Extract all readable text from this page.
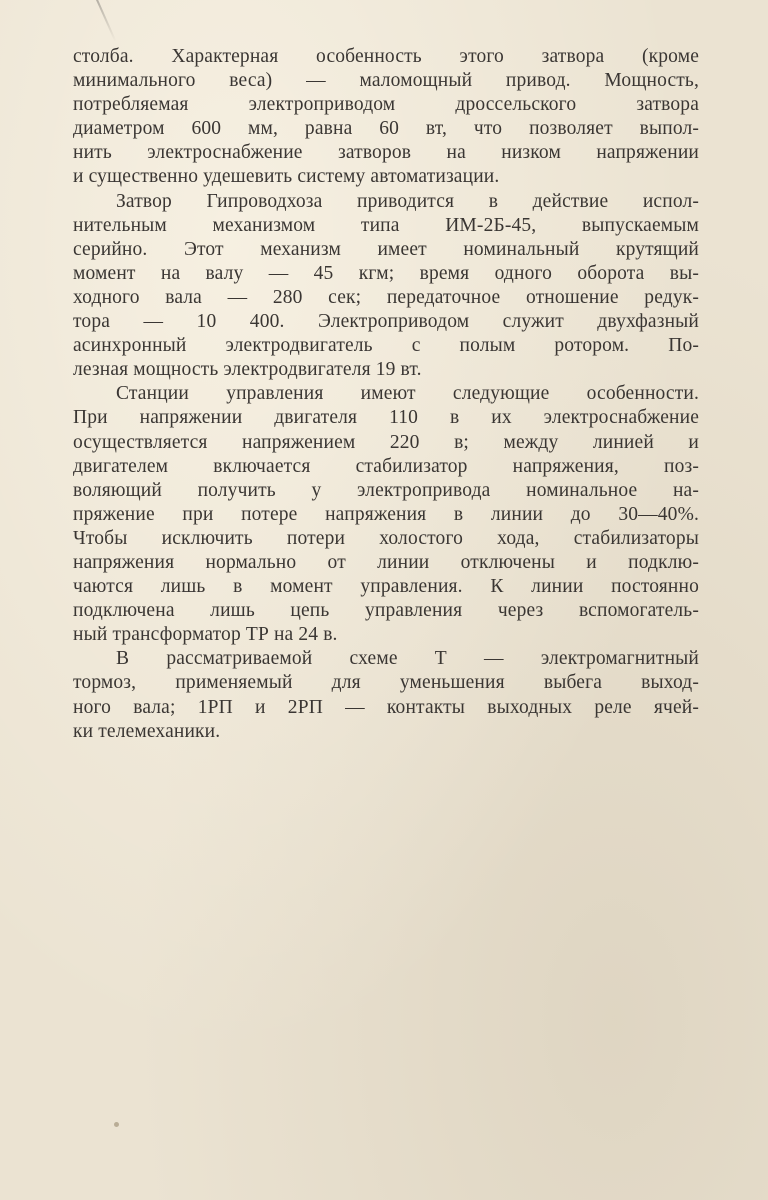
столба. Характерная особенность этого затвора (кроме
минимального веса) — маломощный привод. Мощность,
потребляемая электроприводом дроссельского затвора
диаметром 600 мм, равна 60 вт, что позволяет выпол-
нить электроснабжение затворов на низком напряжении
и существенно удешевить систему автоматизации.
Затвор Гипроводхоза приводится в действие испол-
нительным механизмом типа ИМ-2Б-45, выпускаемым
серийно. Этот механизм имеет номинальный крутящий
момент на валу — 45 кгм; время одного оборота вы-
ходного вала — 280 сек; передаточное отношение редук-
тора — 10 400. Электроприводом служит двухфазный
асинхронный электродвигатель с полым ротором. По-
лезная мощность электродвигателя 19 вт.
Станции управления имеют следующие особенности.
При напряжении двигателя 110 в их электроснабжение
осуществляется напряжением 220 в; между линией и
двигателем включается стабилизатор напряжения, поз-
воляющий получить у электропривода номинальное на-
пряжение при потере напряжения в линии до 30—40%.
Чтобы исключить потери холостого хода, стабилизаторы
напряжения нормально от линии отключены и подклю-
чаются лишь в момент управления. К линии постоянно
подключена лишь цепь управления через вспомогатель-
ный трансформатор ТР на 24 в.
В рассматриваемой схеме Т — электромагнитный
тормоз, применяемый для уменьшения выбега выход-
ного вала; 1РП и 2РП — контакты выходных реле ячей-
ки телемеханики.
